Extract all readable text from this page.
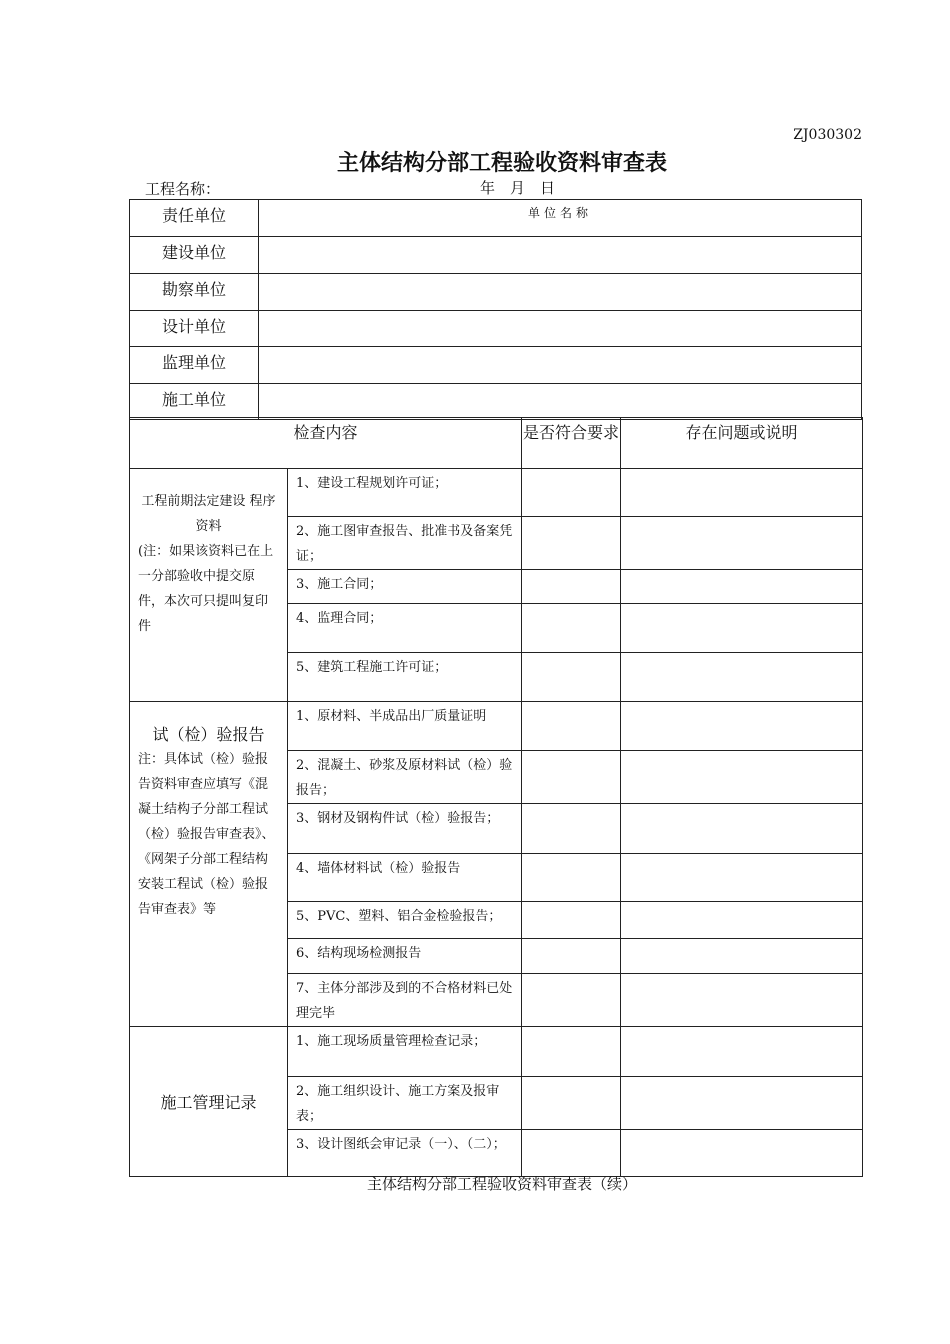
ZJ030302
主体结构分部工程验收资料审查表
工程名称：	年　月　日
责任单位	单位名称
建设单位	
勘察单位	
设计单位	
监理单位	
施工单位	
检查内容		是否符合要求	存在问题或说明

工程前期法定建设 程序资料
(注：如果该资料已在上一分部验收中提交原件，本次可只提叫复印件	1、建设工程规划许可证；		
	2、施工图审查报告、批准书及备案凭证；		
	3、施工合同；		
	4、监理合同；		
	5、建筑工程施工许可证；		

试（检）验报告
注：具体试（检）验报告资料审查应填写《混凝土结构子分部工程试（检）验报告审查表》、《网架子分部工程结构安装工程试（检）验报告审查表》等	1、原材料、半成品出厂质量证明		
	2、混凝土、砂浆及原材料试（检）验报告；		
	3、钢材及钢构件试（检）验报告；		
	4、墙体材料试（检）验报告		
	5、PVC、塑料、铝合金检验报告；		
	6、结构现场检测报告		
	7、主体分部涉及到的不合格材料已处理完毕		
施工管理记录	1、施工现场质量管理检查记录；		
	2、施工组织设计、施工方案及报审表；		
	3、设计图纸会审记录（一）、（二）；		
主体结构分部工程验收资料审查表（续）
